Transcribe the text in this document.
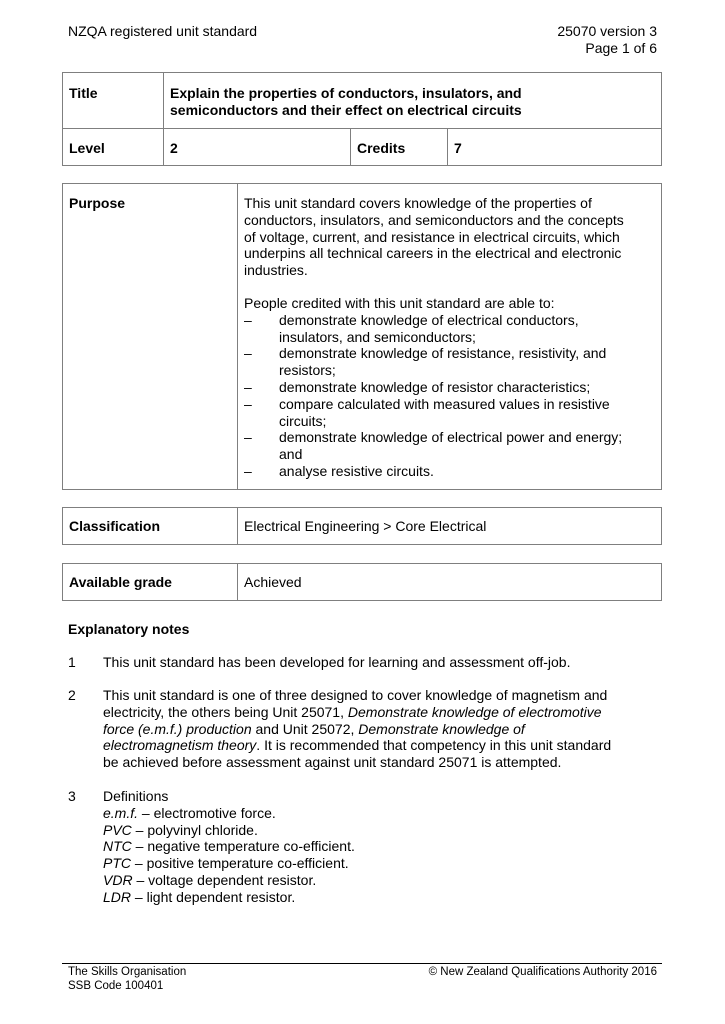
NZQA registered unit standard	25070 version 3
Page 1 of 6
Title	Explain the properties of conductors, insulators, and
semiconductors and their effect on electrical circuits		

Level	2	Credits	7
Purpose	This unit standard covers knowledge of the properties of
conductors, insulators, and semiconductors and the concepts
of voltage, current, and resistance in electrical circuits, which
underpins all technical careers in the electrical and electronic
industries.
People credited with this unit standard are able to:
– demonstrate knowledge of electrical conductors,
insulators, and semiconductors;
– demonstrate knowledge of resistance, resistivity, and
resistors;
– demonstrate knowledge of resistor characteristics;
– compare calculated with measured values in resistive
circuits;
– demonstrate knowledge of electrical power and energy;
and
– analyse resistive circuits.
Classification	Electrical Engineering > Core Electrical
Available grade	Achieved
Explanatory notes
1 This unit standard has been developed for learning and assessment off-job.
2 This unit standard is one of three designed to cover knowledge of magnetism and
electricity, the others being Unit 25071, Demonstrate knowledge of electromotive
force (e.m.f.) production and Unit 25072, Demonstrate knowledge of
electromagnetism theory. It is recommended that competency in this unit standard
be achieved before assessment against unit standard 25071 is attempted.
3 Definitions
e.m.f. – electromotive force.
PVC – polyvinyl chloride.
NTC – negative temperature co-efficient.
PTC – positive temperature co-efficient.
VDR – voltage dependent resistor.
LDR – light dependent resistor.
The Skills Organisation
SSB Code 100401
© New Zealand Qualifications Authority 2016
